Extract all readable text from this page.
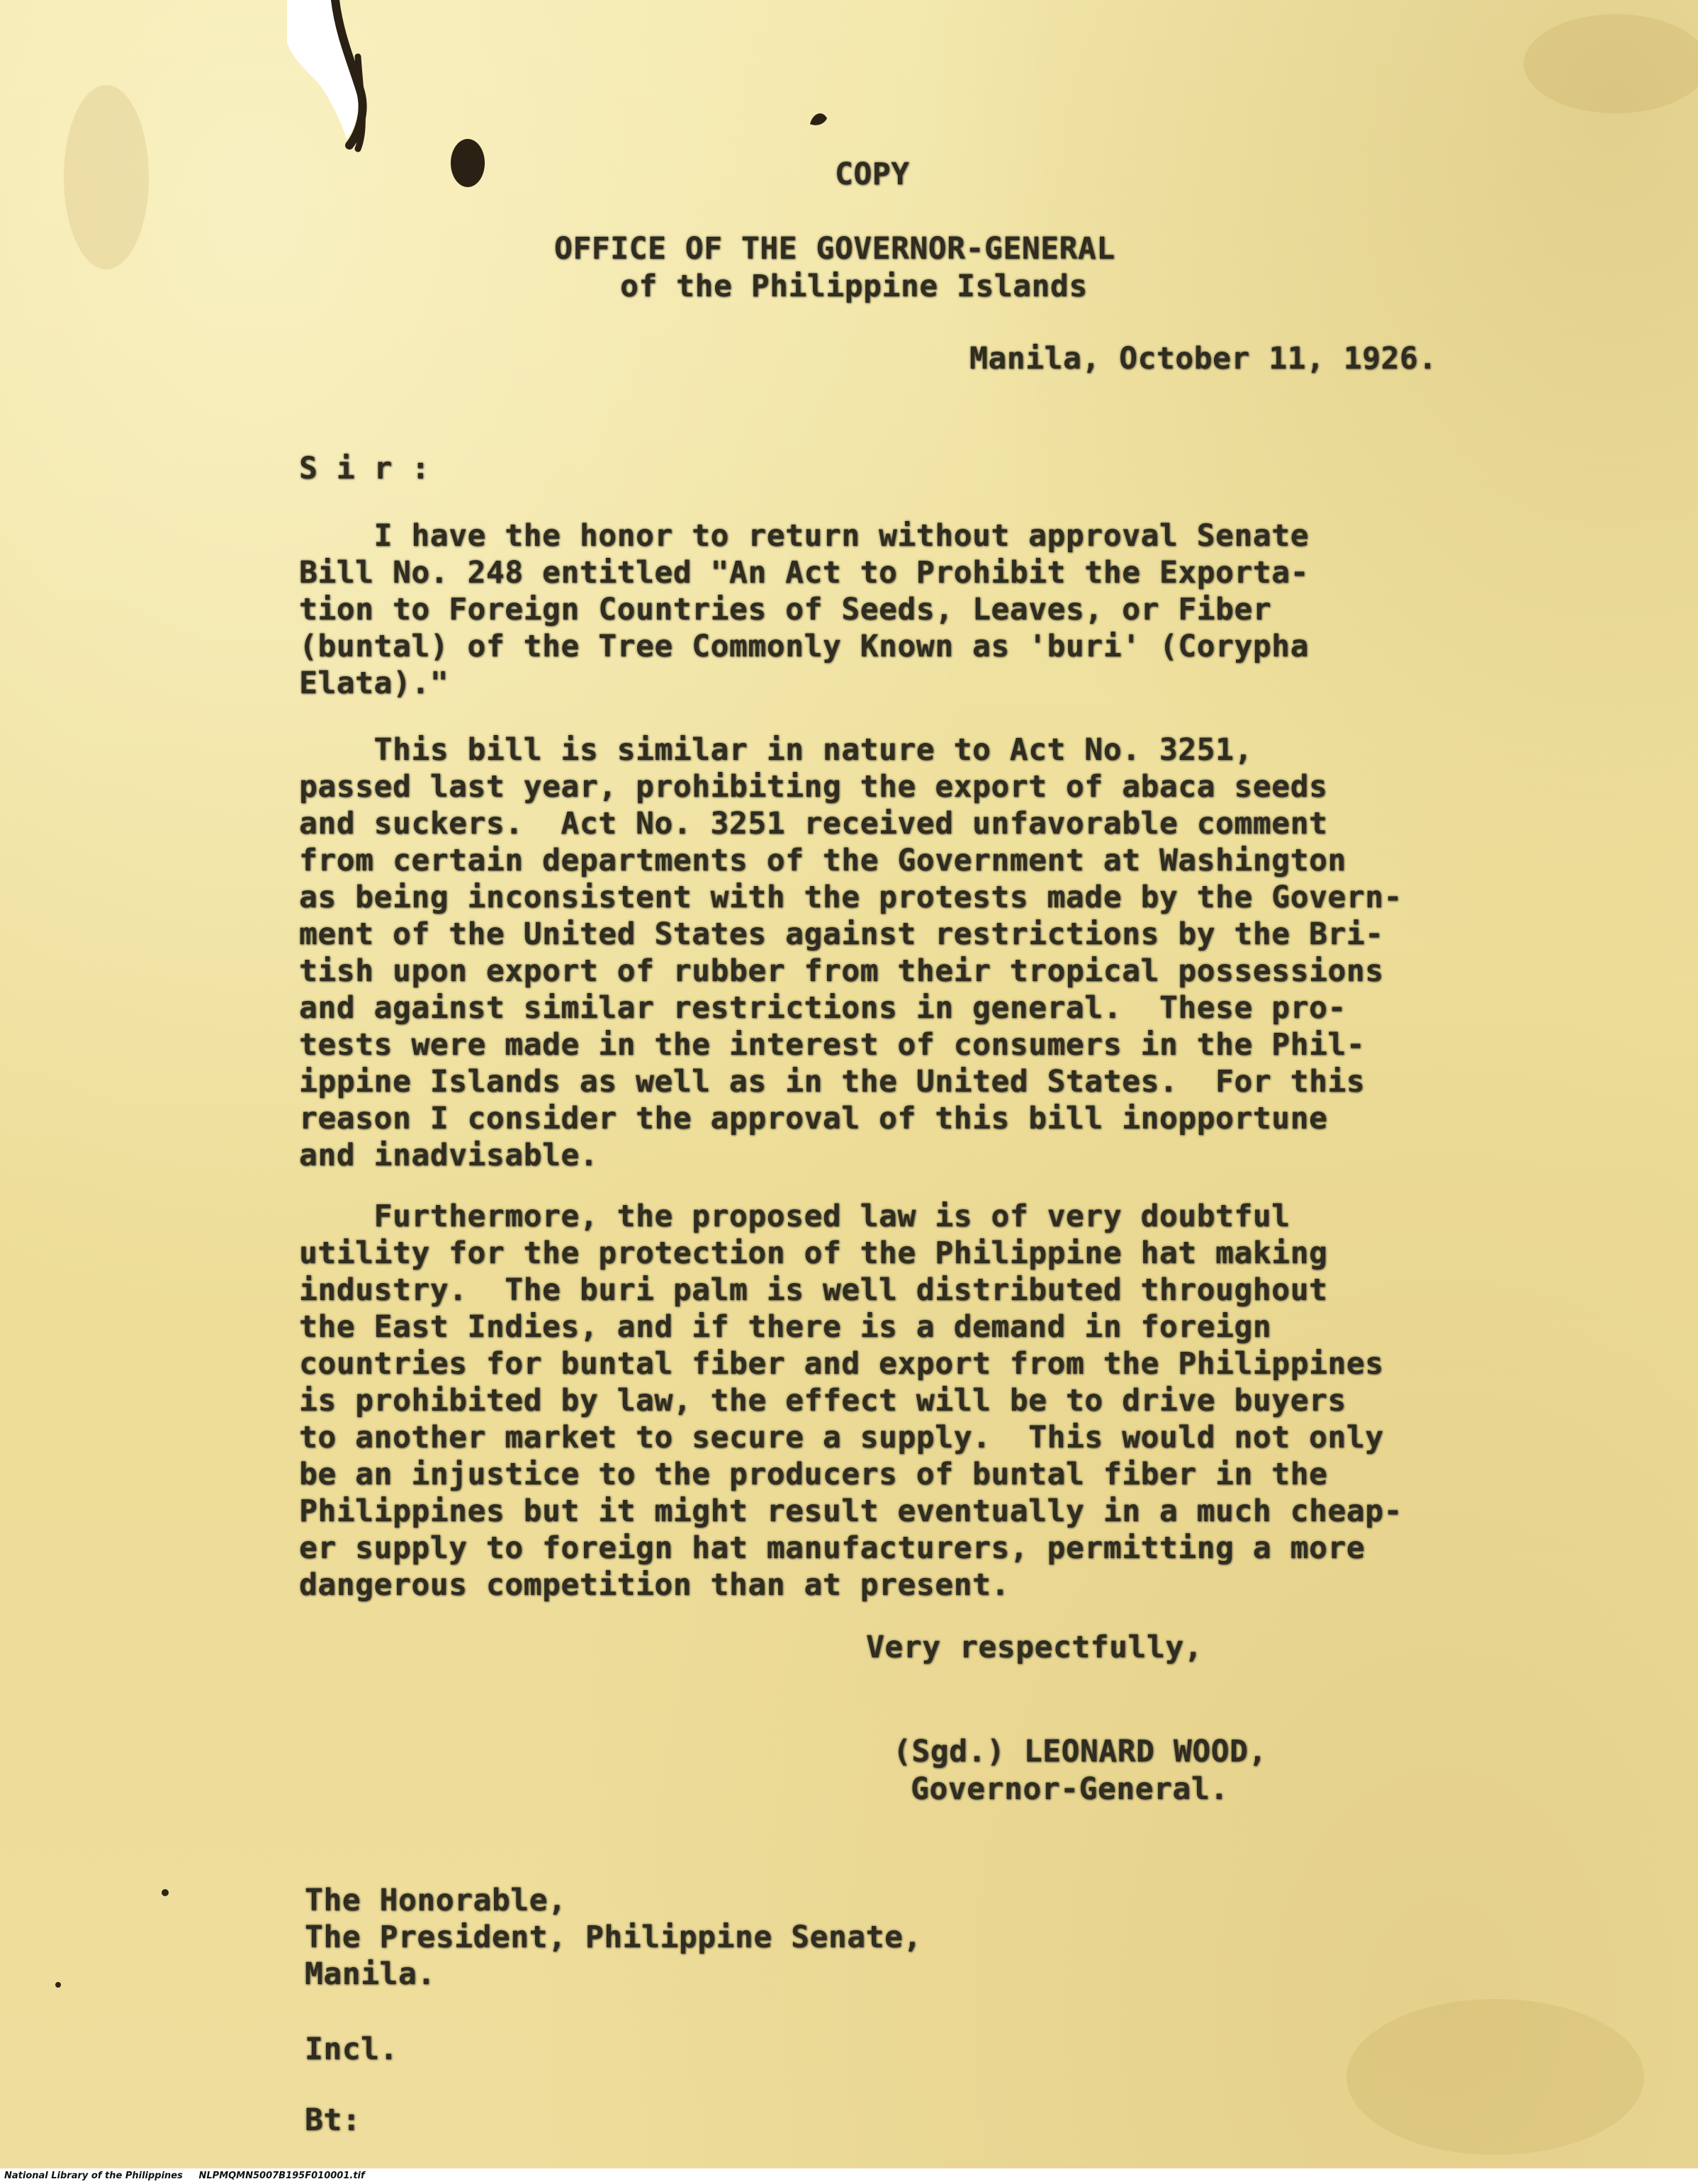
COPY

OFFICE OF THE GOVERNOR-GENERAL

of the Philippine Islands

Manila, October 11, 1926.

S i r :

I have the honor to return without approval Senate

Bill No. 248 entitled "An Act to Prohibit the Exporta-

tion to Foreign Countries of Seeds, Leaves, or Fiber

(buntal) of the Tree Commonly Known as 'buri' (Corypha

Elata)."

This bill is similar in nature to Act No. 3251,

passed last year, prohibiting the export of abaca seeds

and suckers.  Act No. 3251 received unfavorable comment

from certain departments of the Government at Washington

as being inconsistent with the protests made by the Govern-

ment of the United States against restrictions by the Bri-

tish upon export of rubber from their tropical possessions

and against similar restrictions in general.  These pro-

tests were made in the interest of consumers in the Phil-

ippine Islands as well as in the United States.  For this

reason I consider the approval of this bill inopportune

and inadvisable.

Furthermore, the proposed law is of very doubtful

utility for the protection of the Philippine hat making

industry.  The buri palm is well distributed throughout

the East Indies, and if there is a demand in foreign

countries for buntal fiber and export from the Philippines

is prohibited by law, the effect will be to drive buyers

to another market to secure a supply.  This would not only

be an injustice to the producers of buntal fiber in the

Philippines but it might result eventually in a much cheap-

er supply to foreign hat manufacturers, permitting a more

dangerous competition than at present.

Very respectfully,

(Sgd.) LEONARD WOOD,

Governor-General.

The Honorable,

The President, Philippine Senate,

Manila.

Incl.

Bt:

National Library of the Philippines NLPMQMN5007B195F010001.tif
